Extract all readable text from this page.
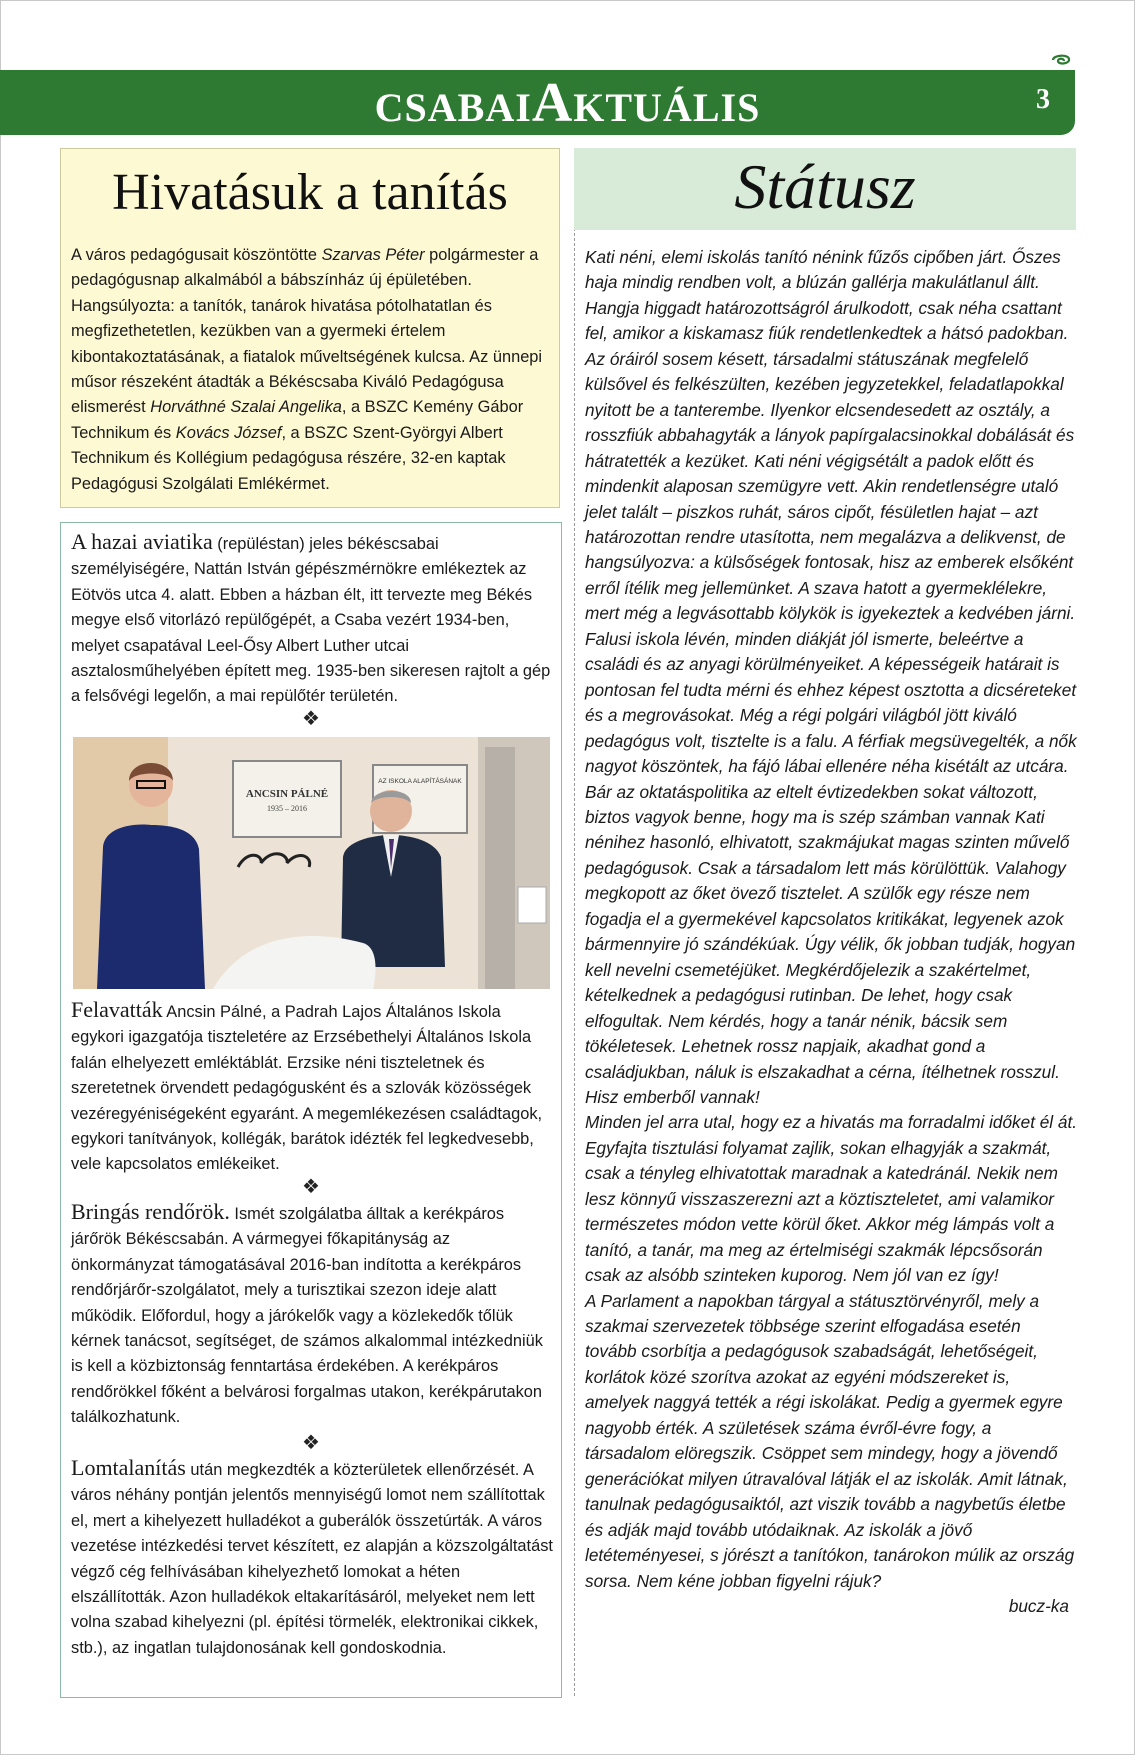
CSABAIAKTUÁLIS	3
Hivatásuk a tanítás
A város pedagógusait köszöntötte Szarvas Péter polgármester a pedagógusnap alkalmából a bábszínház új épületében. Hangsúlyozta: a tanítók, tanárok hivatása pótolhatatlan és megfizethetetlen, kezükben van a gyermeki értelem kibontakoztatásának, a fiatalok műveltségének kulcsa. Az ünnepi műsor részeként átadták a Békéscsaba Kiváló Pedagógusa elismerést Horváthné Szalai Angelika, a BSZC Kemény Gábor Technikum és Kovács József, a BSZC Szent-Györgyi Albert Technikum és Kollégium pedagógusa részére, 32-en kaptak Pedagógusi Szolgálati Emlékérmet.
A hazai aviatika (repüléstan) jeles békéscsabai személyiségére, Nattán István gépészmérnökre emlékeztek az Eötvös utca 4. alatt. Ebben a házban élt, itt tervezte meg Békés megye első vitorlázó repülőgépét, a Csaba vezért 1934-ben, melyet csapatával Leel-Ősy Albert Luther utcai asztalosműhelyében épített meg. 1935-ben sikeresen rajtolt a gép a felsővégi legelőn, a mai repülőtér területén.
❖
ANCSIN PÁLNÉ
1935 – 2016
AZ ISKOLA ALAPÍTÁSÁNAK
Felavatták Ancsin Pálné, a Padrah Lajos Általános Iskola egykori igazgatója tiszteletére az Erzsébethelyi Általános Iskola falán elhelyezett emléktáblát. Erzsike néni tiszteletnek és szeretetnek örvendett pedagógusként és a szlovák közösségek vezéregyéniségeként egyaránt. A megemlékezésen családtagok, egykori tanítványok, kollégák, barátok idézték fel legkedvesebb, vele kapcsolatos emlékeiket.
❖
Bringás rendőrök. Ismét szolgálatba álltak a kerékpáros járőrök Békéscsabán. A vármegyei főkapitányság az önkormányzat támogatásával 2016-ban indította a kerékpáros rendőrjárőr-szolgálatot, mely a turisztikai szezon ideje alatt működik. Előfordul, hogy a járókelők vagy a közlekedők tőlük kérnek tanácsot, segítséget, de számos alkalommal intézkedniük is kell a közbiztonság fenntartása érdekében. A kerékpáros rendőrökkel főként a belvárosi forgalmas utakon, kerékpárutakon találkozhatunk.
❖
Lomtalanítás után megkezdték a közterületek ellenőrzését. A város néhány pontján jelentős mennyiségű lomot nem szállítottak el, mert a kihelyezett hulladékot a guberálók összetúrták. A város vezetése intézkedési tervet készített, ez alapján a közszolgáltatást végző cég felhívásában kihelyezhető lomokat a héten elszállították. Azon hulladékok eltakarításáról, melyeket nem lett volna szabad kihelyezni (pl. építési törmelék, elektronikai cikkek, stb.), az ingatlan tulajdonosának kell gondoskodnia.
Státusz

Kati néni, elemi iskolás tanító nénink fűzős cipőben járt. Őszes haja mindig rendben volt, a blúzán gallérja makulátlanul állt. Hangja higgadt határozottságról árulkodott, csak néha csattant fel, amikor a kiskamasz fiúk rendetlenkedtek a hátsó padokban. Az óráiról sosem késett, társadalmi státuszának megfelelő külsővel és felkészülten, kezében jegyzetekkel, feladatlapokkal nyitott be a tanterembe. Ilyenkor elcsendesedett az osztály, a rosszfiúk abbahagyták a lányok papírgalacsinokkal dobálását és hátratették a kezüket. Kati néni végigsétált a padok előtt és mindenkit alaposan szemügyre vett. Akin rendetlenségre utaló jelet talált – piszkos ruhát, sáros cipőt, fésületlen hajat – azt határozottan rendre utasította, nem megalázva a delikvenst, de hangsúlyozva: a külsőségek fontosak, hisz az emberek elsőként erről ítélik meg jellemünket. A szava hatott a gyermeklélekre, mert még a legvásottabb kölykök is igyekeztek a kedvében járni. Falusi iskola lévén, minden diákját jól ismerte, beleértve a családi és az anyagi körülményeiket. A képességeik határait is pontosan fel tudta mérni és ehhez képest osztotta a dicséreteket és a megrovásokat. Még a régi polgári világból jött kiváló pedagógus volt, tisztelte is a falu. A férfiak megsüvegelték, a nők nagyot köszöntek, ha fájó lábai ellenére néha kisétált az utcára.

Bár az oktatáspolitika az eltelt évtizedekben sokat változott, biztos vagyok benne, hogy ma is szép számban vannak Kati nénihez hasonló, elhivatott, szakmájukat magas szinten művelő pedagógusok. Csak a társadalom lett más körülöttük. Valahogy megkopott az őket övező tisztelet. A szülők egy része nem fogadja el a gyermekével kapcsolatos kritikákat, legyenek azok bármennyire jó szándékúak. Úgy vélik, ők jobban tudják, hogyan kell nevelni csemetéjüket. Megkérdőjelezik a szakértelmet, kételkednek a pedagógusi rutinban. De lehet, hogy csak elfogultak. Nem kérdés, hogy a tanár nénik, bácsik sem tökéletesek. Lehetnek rossz napjaik, akadhat gond a családjukban, náluk is elszakadhat a cérna, ítélhetnek rosszul. Hisz emberből vannak!

Minden jel arra utal, hogy ez a hivatás ma forradalmi időket él át. Egyfajta tisztulási folyamat zajlik, sokan elhagyják a szakmát, csak a tényleg elhivatottak maradnak a katedránál. Nekik nem lesz könnyű visszaszerezni azt a köztiszteletet, ami valamikor természetes módon vette körül őket. Akkor még lámpás volt a tanító, a tanár, ma meg az értelmiségi szakmák lépcsősorán csak az alsóbb szinteken kuporog. Nem jól van ez így!

A Parlament a napokban tárgyal a státusztörvényről, mely a szakmai szervezetek többsége szerint elfogadása esetén tovább csorbítja a pedagógusok szabadságát, lehetőségeit, korlátok közé szorítva azokat az egyéni módszereket is, amelyek naggyá tették a régi iskolákat. Pedig a gyermek egyre nagyobb érték. A születések száma évről-évre fogy, a társadalom elöregszik. Csöppet sem mindegy, hogy a jövendő generációkat milyen útravalóval látják el az iskolák. Amit látnak, tanulnak pedagógusaiktól, azt viszik tovább a nagybetűs életbe és adják majd tovább utódaiknak. Az iskolák a jövő letéteményesei, s jórészt a tanítókon, tanárokon múlik az ország sorsa. Nem kéne jobban figyelni rájuk?

bucz-ka
